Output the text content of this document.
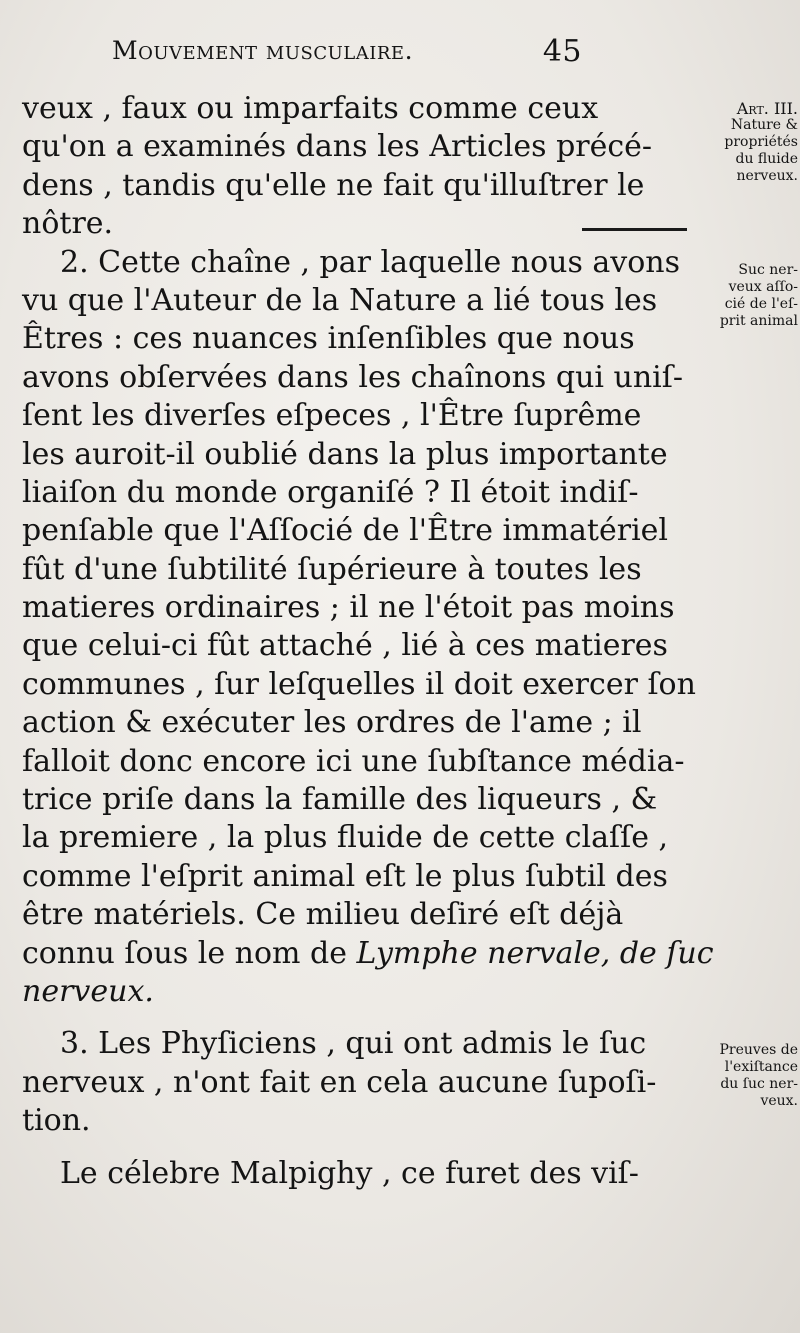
Mouvement musculaire.	45
veux , faux ou imparfaits comme ceux
qu'on a examinés dans les Articles précé-
dens , tandis qu'elle ne fait qu'illuſtrer le
nôtre.
2. Cette chaîne , par laquelle nous avons
vu que l'Auteur de la Nature a lié tous les
Êtres : ces nuances inſenſibles que nous
avons obſervées dans les chaînons qui uniſ-
ſent les diverſes eſpeces , l'Être ſuprême
les auroit-il oublié dans la plus importante
liaiſon du monde organiſé ? Il étoit indiſ-
penſable que l'Aſſocié de l'Être immatériel
fût d'une ſubtilité ſupérieure à toutes les
matieres ordinaires ; il ne l'étoit pas moins
que celui-ci fût attaché , lié à ces matieres
communes , ſur leſquelles il doit exercer ſon
action & exécuter les ordres de l'ame ; il
falloit donc encore ici une ſubſtance média-
trice priſe dans la famille des liqueurs , &
la premiere , la plus fluide de cette claſſe ,
comme l'eſprit animal eſt le plus ſubtil des
être matériels. Ce milieu deſiré eſt déjà
connu ſous le nom de Lymphe nervale, de ſuc
nerveux.
3. Les Phyſiciens , qui ont admis le ſuc
nerveux , n'ont fait en cela aucune ſupoſi-
tion.
Le célebre Malpighy , ce furet des viſ-
Art. III.
Nature &
propriétés
du fluide
nerveux.
Suc ner-
veux aſſo-
cié de l'eſ-
prit animal
Preuves de
l'exiſtance
du ſuc ner-
veux.
